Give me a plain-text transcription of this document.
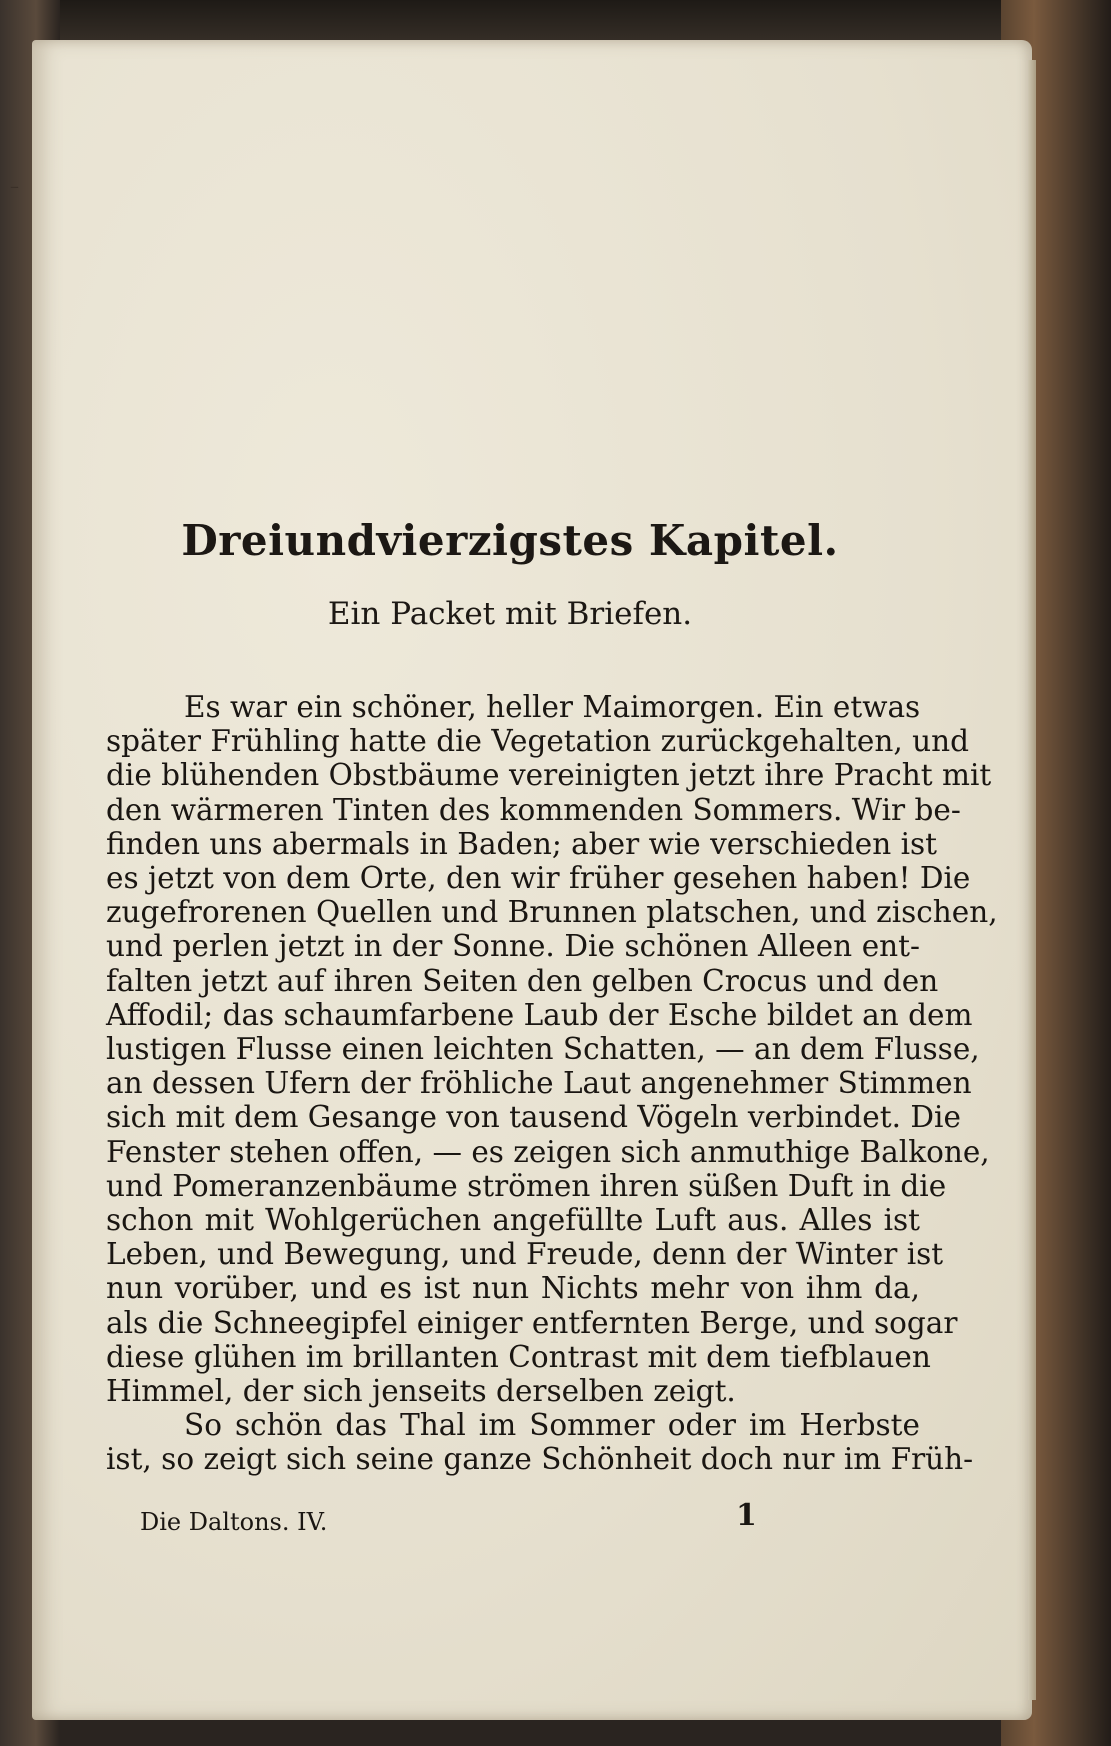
–
Dreiundvierzigstes Kapitel.
Ein Packet mit Briefen.

Es war ein schöner, heller Maimorgen. Ein etwas
später Frühling hatte die Vegetation zurückgehalten, und
die blühenden Obstbäume vereinigten jetzt ihre Pracht mit
den wärmeren Tinten des kommenden Sommers. Wir be-
finden uns abermals in Baden; aber wie verschieden ist
es jetzt von dem Orte, den wir früher gesehen haben! Die
zugefrorenen Quellen und Brunnen platschen, und zischen,
und perlen jetzt in der Sonne. Die schönen Alleen ent-
falten jetzt auf ihren Seiten den gelben Crocus und den
Affodil; das schaumfarbene Laub der Esche bildet an dem
lustigen Flusse einen leichten Schatten, — an dem Flusse,
an dessen Ufern der fröhliche Laut angenehmer Stimmen
sich mit dem Gesange von tausend Vögeln verbindet. Die
Fenster stehen offen, — es zeigen sich anmuthige Balkone,
und Pomeranzenbäume strömen ihren süßen Duft in die
schon mit Wohlgerüchen angefüllte Luft aus. Alles ist
Leben, und Bewegung, und Freude, denn der Winter ist
nun vorüber, und es ist nun Nichts mehr von ihm da,
als die Schneegipfel einiger entfernten Berge, und sogar
diese glühen im brillanten Contrast mit dem tiefblauen
Himmel, der sich jenseits derselben zeigt.

So schön das Thal im Sommer oder im Herbste
ist, so zeigt sich seine ganze Schönheit doch nur im Früh-

Die Daltons. IV.	1
